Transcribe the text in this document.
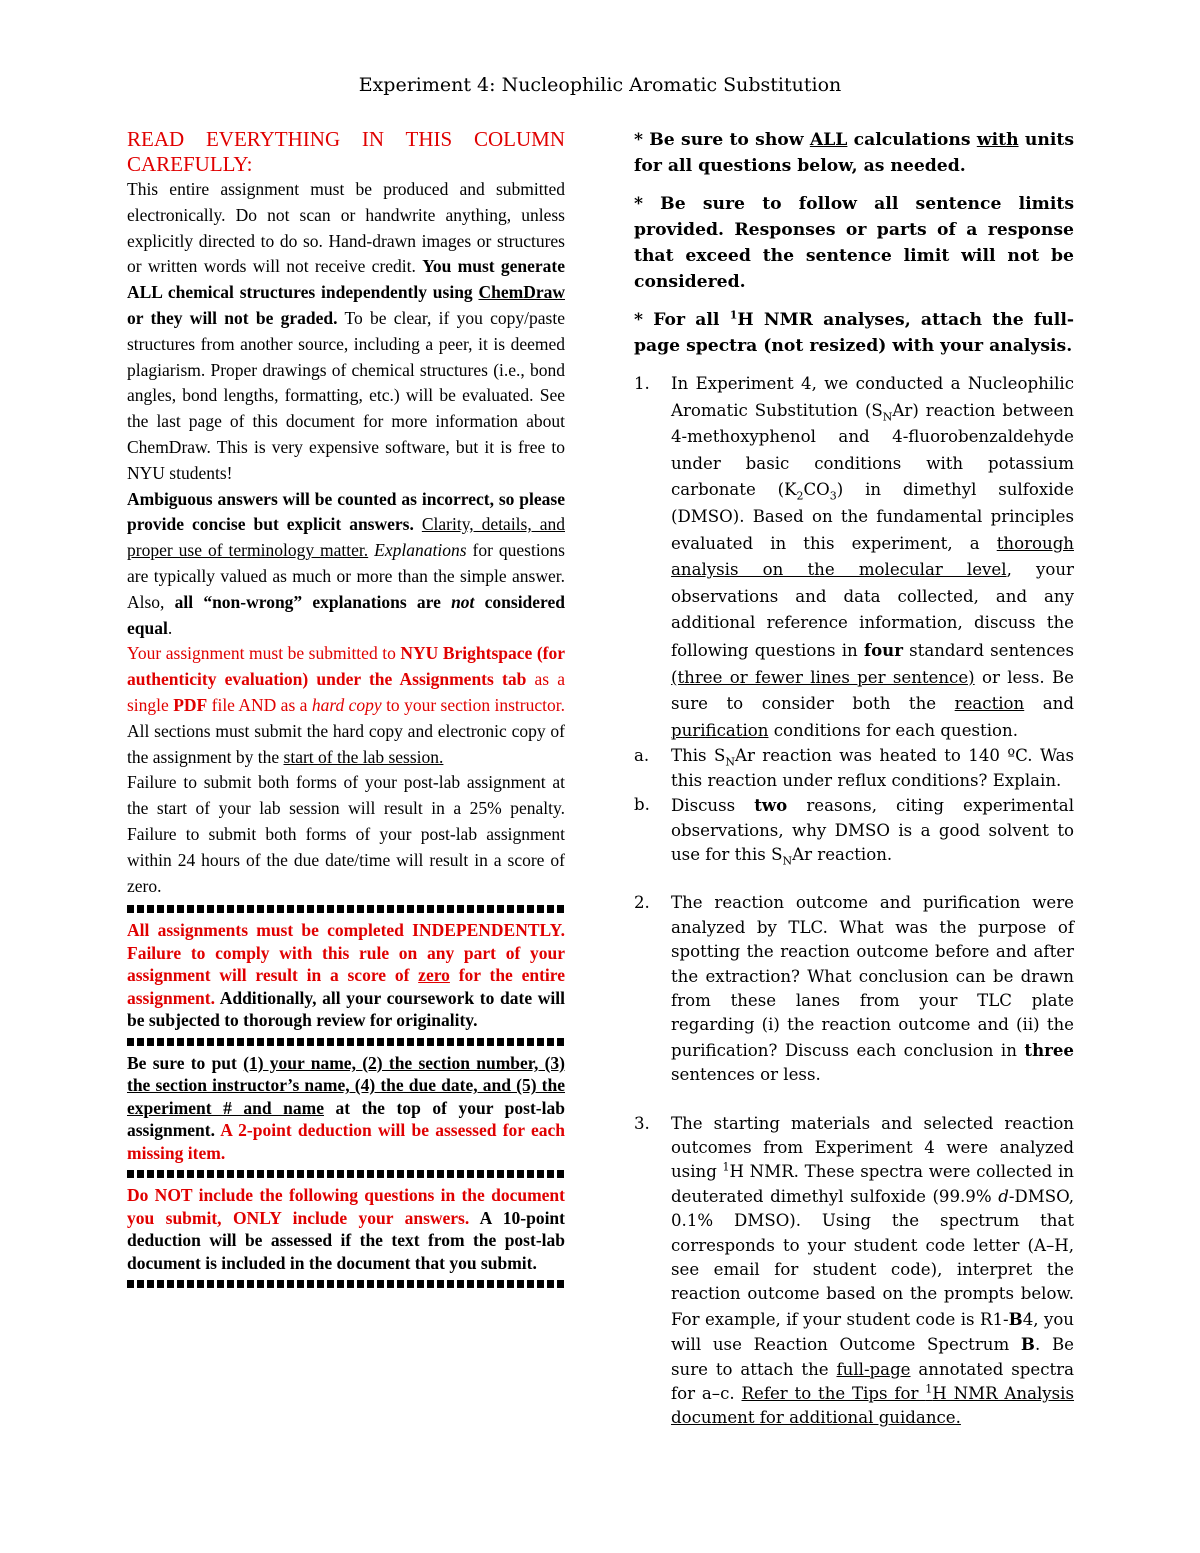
Experiment 4: Nucleophilic Aromatic Substitution

READ EVERYTHING IN THIS COLUMN CAREFULLY:

This entire assignment must be produced and submitted electronically. Do not scan or handwrite anything, unless explicitly directed to do so. Hand-drawn images or structures or written words will not receive credit. You must generate ALL chemical structures independently using ChemDraw or they will not be graded. To be clear, if you copy/paste structures from another source, including a peer, it is deemed plagiarism. Proper drawings of chemical structures (i.e., bond angles, bond lengths, formatting, etc.) will be evaluated. See the last page of this document for more information about ChemDraw. This is very expensive software, but it is free to NYU students!

Ambiguous answers will be counted as incorrect, so please provide concise but explicit answers. Clarity, details, and proper use of terminology matter. Explanations for questions are typically valued as much or more than the simple answer. Also, all “non-wrong” explanations are not considered equal.

Your assignment must be submitted to NYU Brightspace (for authenticity evaluation) under the Assignments tab as a single PDF file AND as a hard copy to your section instructor. All sections must submit the hard copy and electronic copy of the assignment by the start of the lab session.

Failure to submit both forms of your post-lab assignment at the start of your lab session will result in a 25% penalty. Failure to submit both forms of your post-lab assignment within 24 hours of the due date/time will result in a score of zero.

All assignments must be completed INDEPENDENTLY. Failure to comply with this rule on any part of your assignment will result in a score of zero for the entire assignment. Additionally, all your coursework to date will be subjected to thorough review for originality.

Be sure to put (1) your name, (2) the section number, (3) the section instructor’s name, (4) the due date, and (5) the experiment # and name at the top of your post-lab assignment. A 2-point deduction will be assessed for each missing item.

Do NOT include the following questions in the document you submit, ONLY include your answers. A 10-point deduction will be assessed if the text from the post-lab document is included in the document that you submit.

* Be sure to show ALL calculations with units for all questions below, as needed.

* Be sure to follow all sentence limits provided. Responses or parts of a response that exceed the sentence limit will not be considered.

* For all $^1$H NMR analyses, attach the full-page spectra (not resized) with your analysis.

1.	In Experiment 4, we conducted a Nucleophilic Aromatic Substitution $(S_NAr)$ reaction between 4-methoxyphenol and 4-fluorobenzaldehyde under basic conditions with potassium carbonate $(K_2CO_3)$ in dimethyl sulfoxide (DMSO). Based on the fundamental principles evaluated in this experiment, a thorough analysis on the molecular level, your observations and data collected, and any additional reference information, discuss the following questions in four standard sentences (three or fewer lines per sentence) or less. Be sure to consider both the reaction and purification conditions for each question.
a.	This $S_NAr$ reaction was heated to 140 ºC. Was this reaction under reflux conditions? Explain.
b.	Discuss two reasons, citing experimental observations, why DMSO is a good solvent to use for this $S_NAr$ reaction.
2.	The reaction outcome and purification were analyzed by TLC. What was the purpose of spotting the reaction outcome before and after the extraction? What conclusion can be drawn from these lanes from your TLC plate regarding (i) the reaction outcome and (ii) the purification? Discuss each conclusion in three sentences or less.
3.	The starting materials and selected reaction outcomes from Experiment 4 were analyzed using $^1$H NMR. These spectra were collected in deuterated dimethyl sulfoxide (99.9% d-DMSO, 0.1% DMSO). Using the spectrum that corresponds to your student code letter (A–H, see email for student code), interpret the reaction outcome based on the prompts below. For example, if your student code is R1-B4, you will use Reaction Outcome Spectrum B. Be sure to attach the full-page annotated spectra for a–c. Refer to the Tips for $^1$H NMR Analysis document for additional guidance.
